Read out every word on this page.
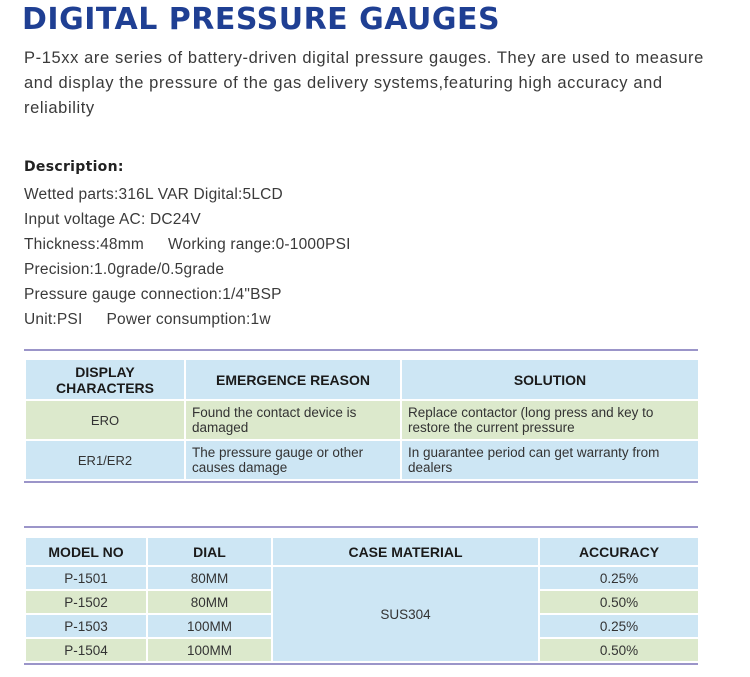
DIGITAL PRESSURE GAUGES

P-15xx are series of battery-driven digital pressure gauges. They are used to measure and display the pressure of the gas delivery systems,featuring high accuracy and reliability

Description:
Wetted parts:316L VAR Digital:5LCD
Input voltage AC: DC24V
Thickness:48mm Working range:0-1000PSI
Precision:1.0grade/0.5grade
Pressure gauge connection:1/4"BSP
Unit:PSI Power consumption:1w
DISPLAY CHARACTERS	EMERGENCE REASON	SOLUTION
ERO	Found the contact device is damaged	Replace contactor (long press and key to restore the current pressure
ER1/ER2	The pressure gauge or other causes damage	In guarantee period can get warranty from dealers
MODEL NO	DIAL	CASE MATERIAL	ACCURACY
P-1501	80MM	SUS304	0.25%
P-1502	80MM		0.50%
P-1503	100MM		0.25%
P-1504	100MM		0.50%
